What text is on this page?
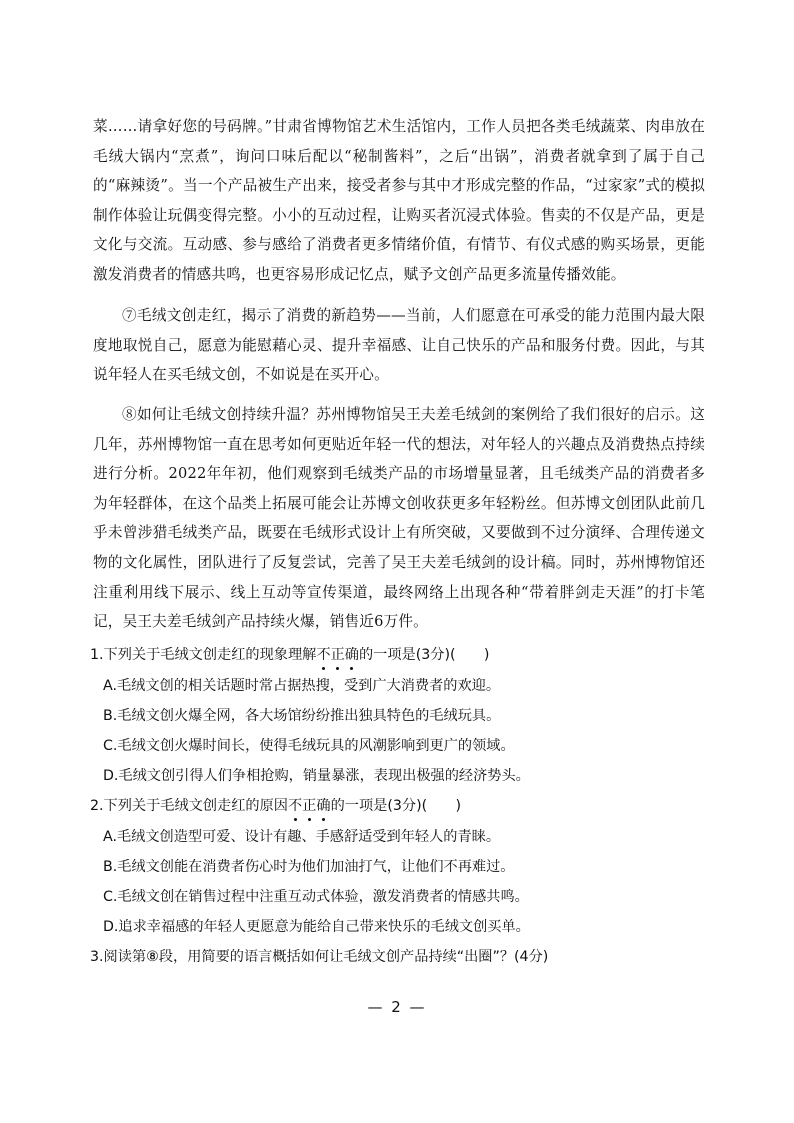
菜……请拿好您的号码牌。”甘肃省博物馆艺术生活馆内，工作人员把各类毛绒蔬菜、肉串放在毛绒大锅内“烹煮”，询问口味后配以“秘制酱料”，之后“出锅”，消费者就拿到了属于自己的“麻辣烫”。当一个产品被生产出来，接受者参与其中才形成完整的作品，“过家家”式的模拟制作体验让玩偶变得完整。小小的互动过程，让购买者沉浸式体验。售卖的不仅是产品，更是文化与交流。互动感、参与感给了消费者更多情绪价值，有情节、有仪式感的购买场景，更能激发消费者的情感共鸣，也更容易形成记忆点，赋予文创产品更多流量传播效能。

⑦毛绒文创走红，揭示了消费的新趋势——当前，人们愿意在可承受的能力范围内最大限度地取悦自己，愿意为能慰藉心灵、提升幸福感、让自己快乐的产品和服务付费。因此，与其说年轻人在买毛绒文创，不如说是在买开心。

⑧如何让毛绒文创持续升温？苏州博物馆吴王夫差毛绒剑的案例给了我们很好的启示。这几年，苏州博物馆一直在思考如何更贴近年轻一代的想法，对年轻人的兴趣点及消费热点持续进行分析。2022年年初，他们观察到毛绒类产品的市场增量显著，且毛绒类产品的消费者多为年轻群体，在这个品类上拓展可能会让苏博文创收获更多年轻粉丝。但苏博文创团队此前几乎未曾涉猎毛绒类产品，既要在毛绒形式设计上有所突破，又要做到不过分演绎、合理传递文物的文化属性，团队进行了反复尝试，完善了吴王夫差毛绒剑的设计稿。同时，苏州博物馆还注重利用线下展示、线上互动等宣传渠道，最终网络上出现各种“带着胖剑走天涯”的打卡笔记，吴王夫差毛绒剑产品持续火爆，销售近6万件。

1.下列关于毛绒文创走红的现象理解不正确的一项是(3分)(　　)

A.毛绒文创的相关话题时常占据热搜，受到广大消费者的欢迎。

B.毛绒文创火爆全网，各大场馆纷纷推出独具特色的毛绒玩具。

C.毛绒文创火爆时间长，使得毛绒玩具的风潮影响到更广的领域。

D.毛绒文创引得人们争相抢购，销量暴涨，表现出极强的经济势头。

2.下列关于毛绒文创走红的原因不正确的一项是(3分)(　　)

A.毛绒文创造型可爱、设计有趣、手感舒适受到年轻人的青睐。

B.毛绒文创能在消费者伤心时为他们加油打气，让他们不再难过。

C.毛绒文创在销售过程中注重互动式体验，激发消费者的情感共鸣。

D.追求幸福感的年轻人更愿意为能给自己带来快乐的毛绒文创买单。

3.阅读第⑧段，用简要的语言概括如何让毛绒文创产品持续“出圈”？(4分)

— 2 —
